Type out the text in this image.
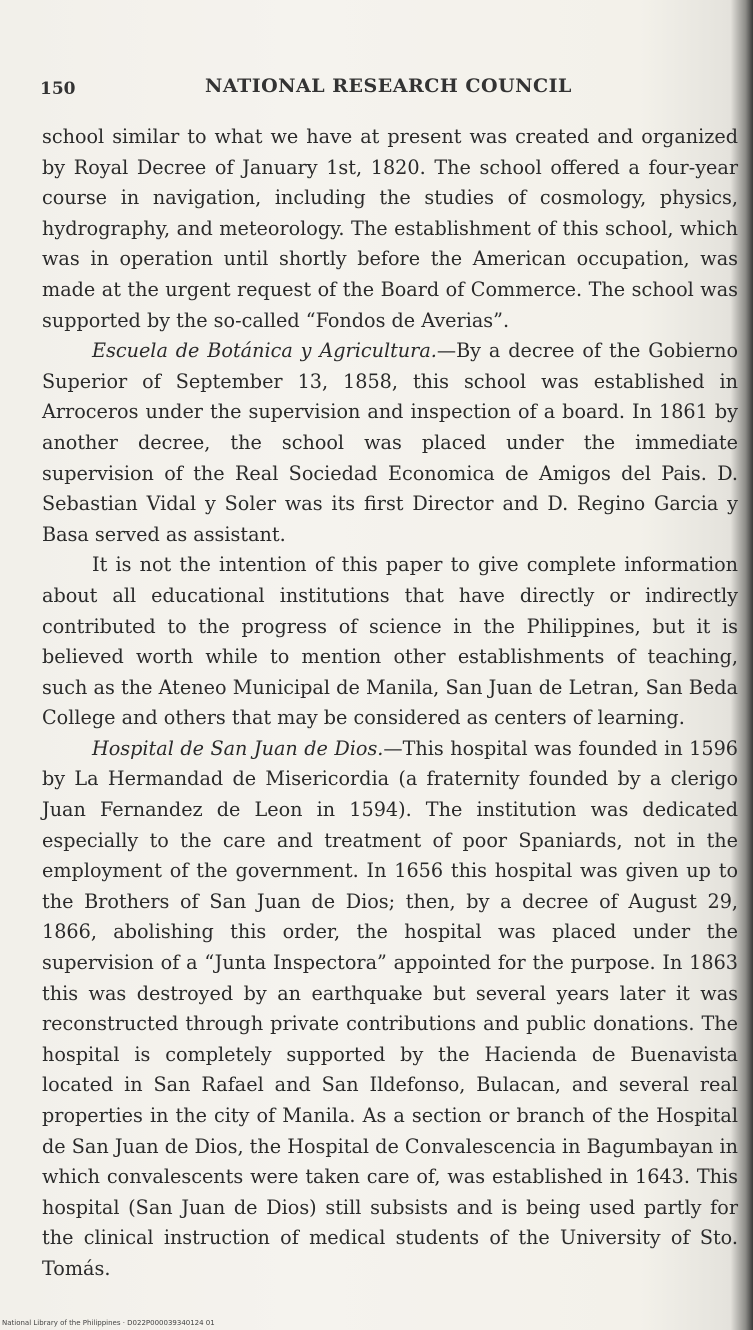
150	NATIONAL RESEARCH COUNCIL

school similar to what we have at present was created and organized by Royal Decree of January 1st, 1820. The school offered a four-year course in navigation, including the studies of cosmology, physics, hydrography, and meteorology. The establishment of this school, which was in operation until shortly before the American occupation, was made at the urgent request of the Board of Commerce. The school was supported by the so-called “Fondos de Averias”.

Escuela de Botánica y Agricultura.—By a decree of the Gobierno Superior of September 13, 1858, this school was established in Arroceros under the supervision and inspection of a board. In 1861 by another decree, the school was placed under the immediate supervision of the Real Sociedad Economica de Amigos del Pais. D. Sebastian Vidal y Soler was its first Director and D. Regino Garcia y Basa served as assistant.

It is not the intention of this paper to give complete information about all educational institutions that have directly or indirectly contributed to the progress of science in the Philippines, but it is believed worth while to mention other establishments of teaching, such as the Ateneo Municipal de Manila, San Juan de Letran, San Beda College and others that may be considered as centers of learning.

Hospital de San Juan de Dios.—This hospital was founded in 1596 by La Hermandad de Misericordia (a fraternity founded by a clerigo Juan Fernandez de Leon in 1594). The institution was dedicated especially to the care and treatment of poor Spaniards, not in the employment of the government. In 1656 this hospital was given up to the Brothers of San Juan de Dios; then, by a decree of August 29, 1866, abolishing this order, the hospital was placed under the supervision of a “Junta Inspectora” appointed for the purpose. In 1863 this was destroyed by an earthquake but several years later it was reconstructed through private contributions and public donations. The hospital is completely supported by the Hacienda de Buenavista located in San Rafael and San Ildefonso, Bulacan, and several real properties in the city of Manila. As a section or branch of the Hospital de San Juan de Dios, the Hospital de Convalescencia in Bagumbayan in which convalescents were taken care of, was established in 1643. This hospital (San Juan de Dios) still subsists and is being used partly for the clinical instruction of medical students of the University of Sto. Tomás.

National Library of the Philippines · D022P000039340124 01
